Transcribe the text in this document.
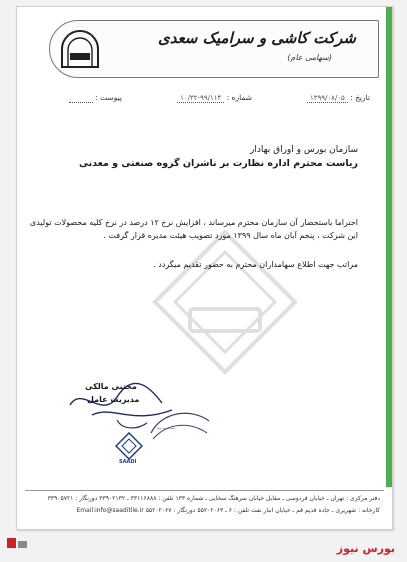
شرکت کاشی و سرامیک سعدی
(سهامی عام)
تاریخ : ۱۳۹۹/۰۸/۰۵
شماره : ۱۰/۳۲-۹۹/۱۱۴
پیوست :
سازمان بورس و اوراق بهادار
ریاست محترم اداره نظارت بر ناشران گروه صنعتی و معدنی
احتراما باستحضار آن سازمان محترم میرساند ، افزایش نرخ ۱۲ درصد در نرخ کلیه محصولات تولیدی
این شرکت ، پنجم آبان ماه سال ۱۳۹۹ مورد تصویب هیئت مدیره قرار گرفت .
مراتب جهت اطلاع سهامداران محترم به حضور تقدیم میگردد .
مجتبی مالکی
مدیریت عامل
ـــ ــــ ـــ
SAADI
دفتر مرکزی : تهران ـ خیابان فردوسی ـ مقابل خیابان سرهنگ سخایی ـ شماره ۱۳۳ تلفن : ۳۳۱۱۶۸۸۸ ـ ۳۳۹۰۲۱۳۲ دورنگار : ۳۳۹۰۵۷۲۱
کارخانه : شهریری ـ جاده قدیم قم ـ خیابان انبار نفت تلفن : ۶ ـ ۵۵۲۰۲۰۶۳ دورنگار : ۵۵۲۰۲۰۶۷ Email:info@saaditile.ir
بورس نیوز
